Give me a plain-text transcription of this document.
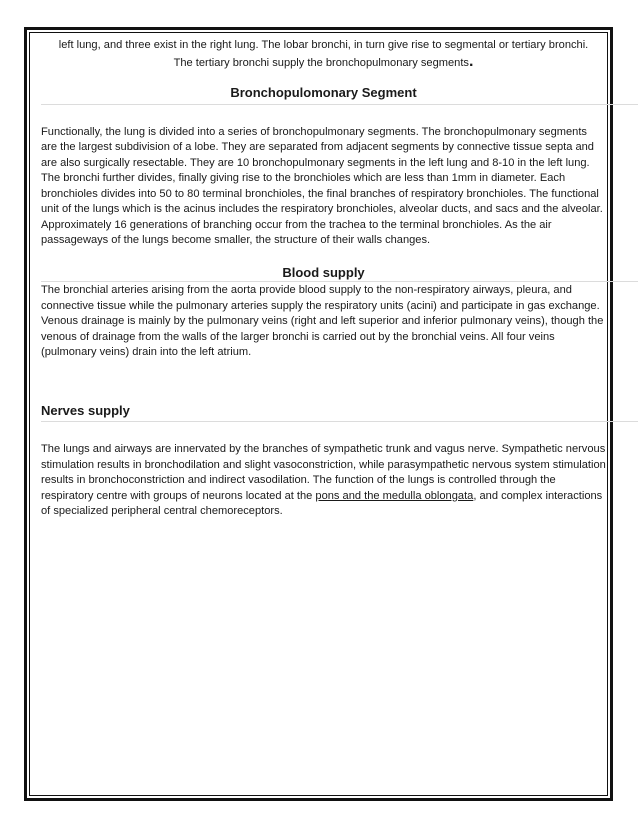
left lung, and three exist in the right lung. The lobar bronchi, in turn give rise to segmental or tertiary bronchi. The tertiary bronchi supply the bronchopulmonary segments.

Bronchopulomonary Segment

Functionally, the lung is divided into a series of bronchopulmonary segments. The bronchopulmonary segments are the largest subdivision of a lobe. They are separated from adjacent segments by connective tissue septa and are also surgically resectable. They are 10 bronchopulmonary segments in the left lung and 8-10 in the left lung. The bronchi further divides, finally giving rise to the bronchioles which are less than 1mm in diameter. Each bronchioles divides into 50 to 80 terminal bronchioles, the final branches of respiratory bronchioles. The functional unit of the lungs which is the acinus includes the respiratory bronchioles, alveolar ducts, and sacs and the alveolar. Approximately 16 generations of branching occur from the trachea to the terminal bronchioles. As the air passageways of the lungs become smaller, the structure of their walls changes.

Blood supply

The bronchial arteries arising from the aorta provide blood supply to the non-respiratory airways, pleura, and connective tissue while the pulmonary arteries supply the respiratory units (acini) and participate in gas exchange. Venous drainage is mainly by the pulmonary veins (right and left superior and inferior pulmonary veins), though the venous of drainage from the walls of the larger bronchi is carried out by the bronchial veins. All four veins (pulmonary veins) drain into the left atrium.

Nerves supply

The lungs and airways are innervated by the branches of sympathetic trunk and vagus nerve. Sympathetic nervous stimulation results in bronchodilation and slight vasoconstriction, while parasympathetic nervous system stimulation results in bronchoconstriction and indirect vasodilation. The function of the lungs is controlled through the respiratory centre with groups of neurons located at the pons and the medulla oblongata, and complex interactions of specialized peripheral central chemoreceptors.
